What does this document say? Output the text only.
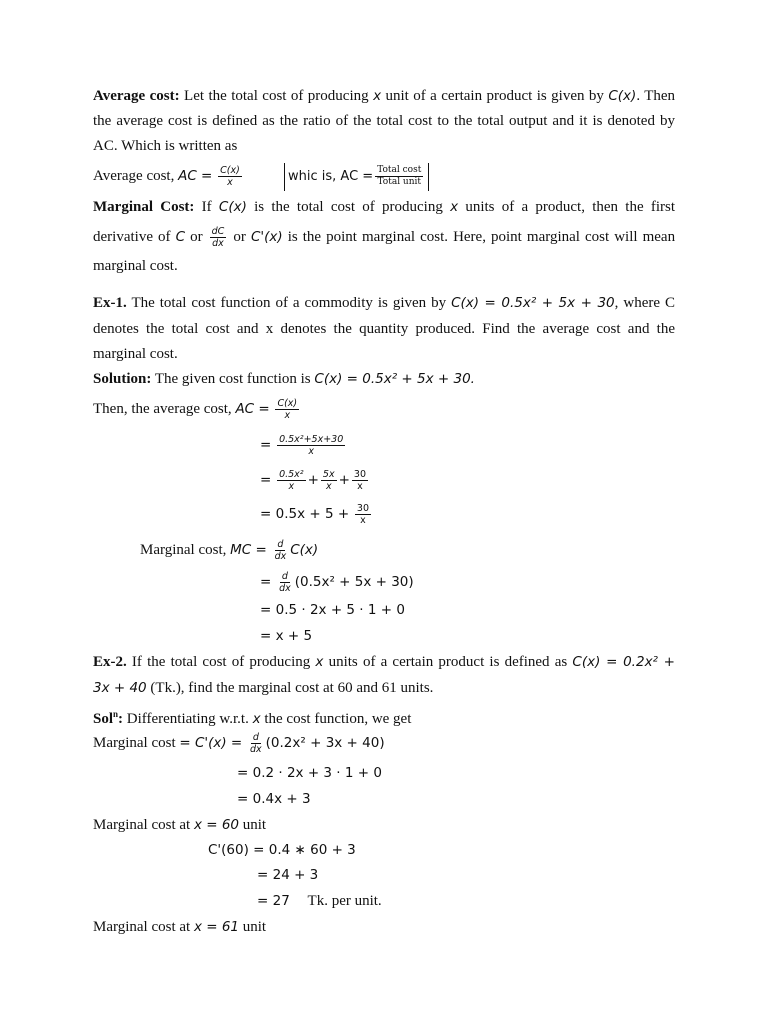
Average cost: Let the total cost of producing x unit of a certain product is given by C(x). Then
the average cost is defined as the ratio of the total cost to the total output and it is denoted by
AC. Which is written as
Average cost, AC = $\frac{C(x)}{x}$	whic is, AC = $\frac{\text{Total cost}}{\text{Total unit}}$
Marginal Cost: If C(x) is the total cost of producing x units of a product, then the first
derivative of C or $\frac{dC}{dx}$ or C'(x) is the point marginal cost. Here, point marginal cost will mean
marginal cost.
Ex-1. The total cost function of a commodity is given by C(x) = 0.5x² + 5x + 30, where C
denotes the total cost and x denotes the quantity produced. Find the average cost and the
marginal cost.
Solution: The given cost function is C(x) = 0.5x² + 5x + 30.
Then, the average cost, AC = $\frac{C(x)}{x}$
= $\frac{\text{0.5x²+5x+30}}{x}$
= $\frac{\text{0.5x²}}{x} + \frac{5x}{x} + \frac{30}{x}$
= $0.5x + 5 + \frac{30}{x}$
Marginal cost, MC = $\frac{d}{dx} C(x)$
= $\frac{d}{dx} (0.5x^2 + 5x + 30)$
= 0.5 · 2x + 5 · 1 + 0
= x + 5
Ex-2. If the total cost of producing x units of a certain product is defined as C(x) = 0.2x² +
3x + 40 (Tk.), find the marginal cost at 60 and 61 units.
Sol$^n$: Differentiating w.r.t. x the cost function, we get
Marginal $\cos t = C'(x) = \frac{d}{dx} (0.2x^2 + 3x + 40)$
= 0.2 · 2x + 3 · 1 + 0
= 0.4x + 3
Marginal cost at x = 60 unit
C'(60) = 0.4 ∗ 60 + 3
= 24 + 3
= 27 Tk. per unit.
Marginal cost at x = 61 unit
